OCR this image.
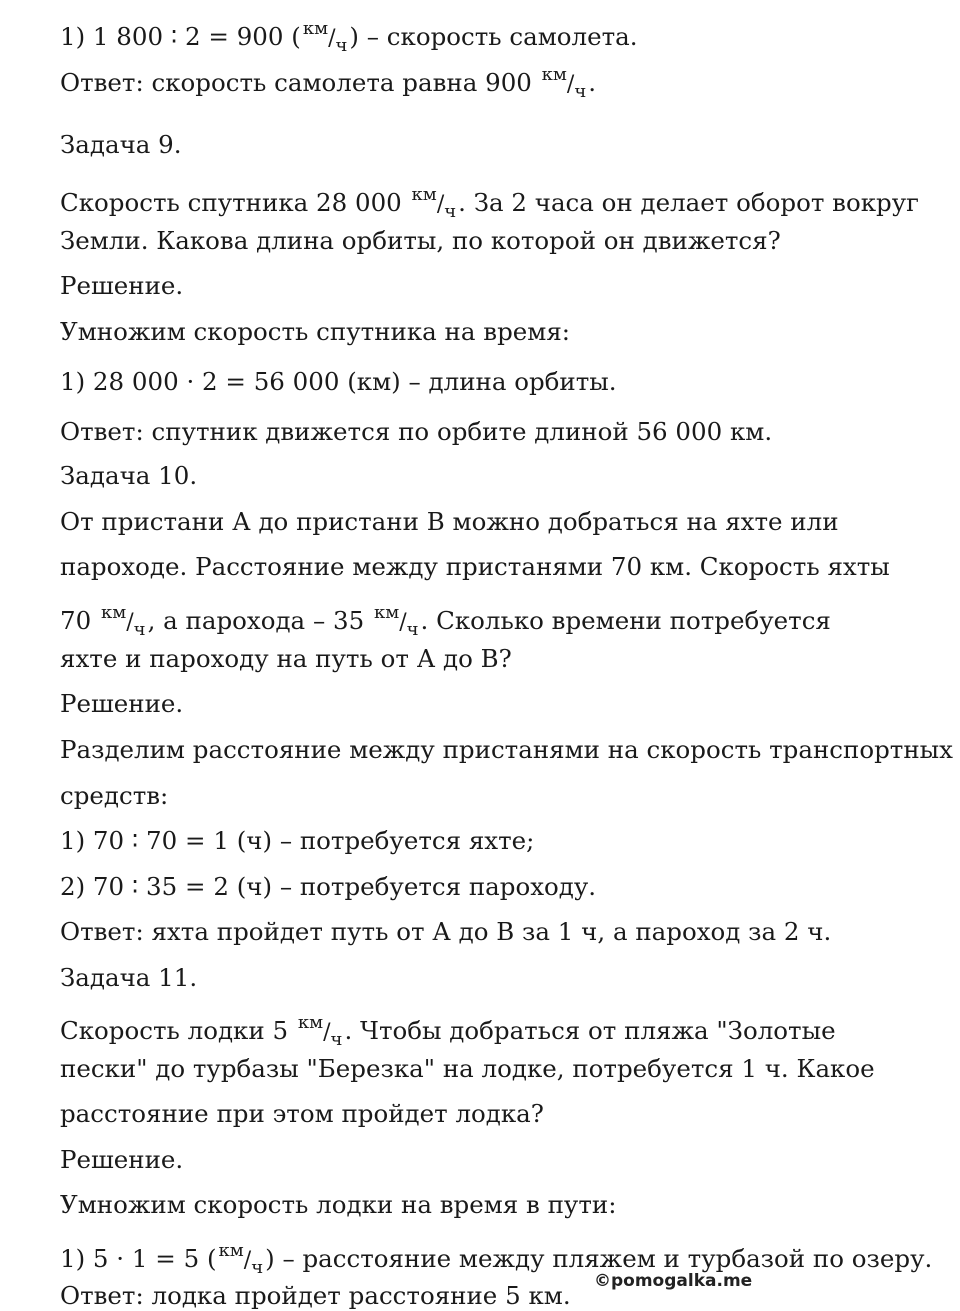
1) 1 800 ∶ 2 = 900 ( $^{км}/_ч$) – скорость самолета.

Ответ: скорость самолета равна 900 $^{км}/_ч$.

Задача 9.

Скорость спутника 28 000 $^{км}/_ч$. За 2 часа он делает оборот вокруг

Земли. Какова длина орбиты, по которой он движется?

Решение.

Умножим скорость спутника на время:

1) 28 000 · 2 = 56 000 (км) – длина орбиты.

Ответ: спутник движется по орбите длиной 56 000 км.

Задача 10.

От пристани А до пристани В можно добраться на яхте или

пароходе. Расстояние между пристанями 70 км. Скорость яхты

70 $^{км}/_ч$, а парохода – 35 $^{км}/_ч$. Сколько времени потребуется

яхте и пароходу на путь от А до В?

Решение.

Разделим расстояние между пристанями на скорость транспортных

средств:

1) 70 ∶ 70 = 1 (ч) – потребуется яхте;

2) 70 ∶ 35 = 2 (ч) – потребуется пароходу.

Ответ: яхта пройдет путь от А до В за 1 ч, а пароход за 2 ч.

Задача 11.

Скорость лодки 5 $^{км}/_ч$. Чтобы добраться от пляжа "Золотые

пески" до турбазы "Березка" на лодке, потребуется 1 ч. Какое

расстояние при этом пройдет лодка?

Решение.

Умножим скорость лодки на время в пути:

1) 5 · 1 = 5 ( $^{км}/_ч$) – расстояние между пляжем и турбазой по озеру.

Ответ: лодка пройдет расстояние 5 км. ©pomogalka.me
